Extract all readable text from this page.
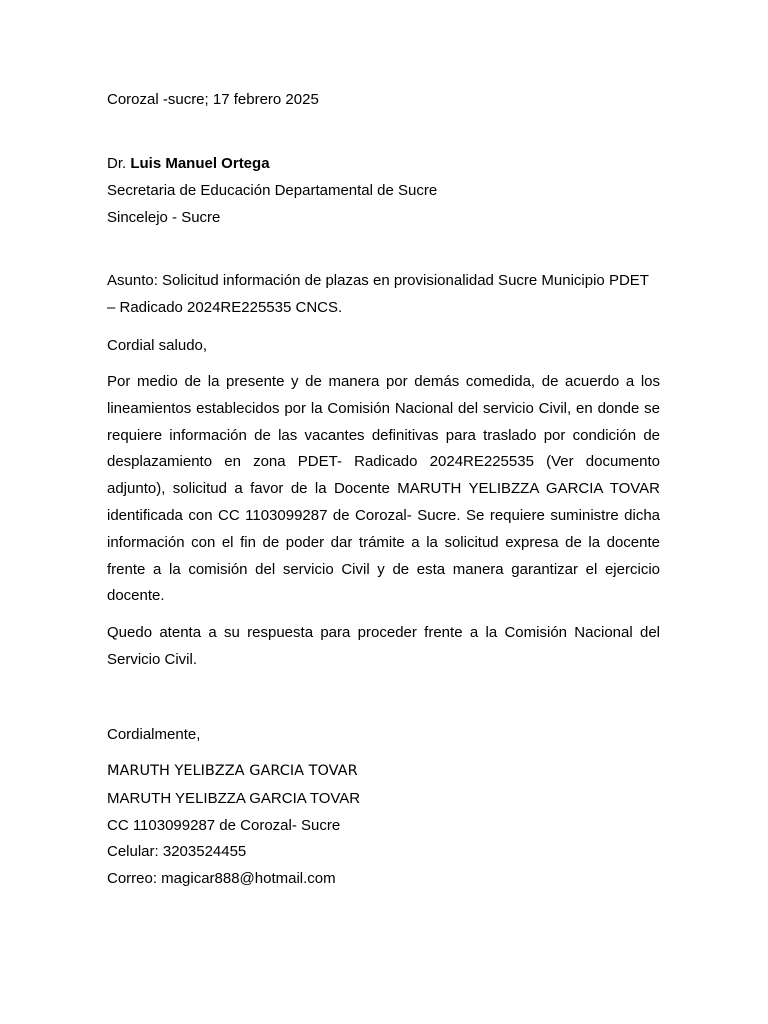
Corozal -sucre; 17 febrero 2025
Dr. Luis Manuel Ortega
Secretaria de Educación Departamental de Sucre
Sincelejo - Sucre
Asunto: Solicitud información de plazas en provisionalidad Sucre Municipio PDET
– Radicado 2024RE225535 CNCS.
Cordial saludo,
Por medio de la presente y de manera por demás comedida, de acuerdo a los lineamientos establecidos por la Comisión Nacional del servicio Civil, en donde se requiere información de las vacantes definitivas para traslado por condición de desplazamiento en zona PDET- Radicado 2024RE225535 (Ver documento adjunto), solicitud a favor de la Docente MARUTH YELIBZZA GARCIA TOVAR identificada con CC 1103099287 de Corozal- Sucre. Se requiere suministre dicha información con el fin de poder dar trámite a la solicitud expresa de la docente frente a la comisión del servicio Civil y de esta manera garantizar el ejercicio docente.
Quedo atenta a su respuesta para proceder frente a la Comisión Nacional del Servicio Civil.
Cordialmente,
MARUTH YELIBZZA GARCIA TOVAR
MARUTH YELIBZZA GARCIA TOVAR
CC 1103099287 de Corozal- Sucre
Celular: 3203524455
Correo: magicar888@hotmail.com
